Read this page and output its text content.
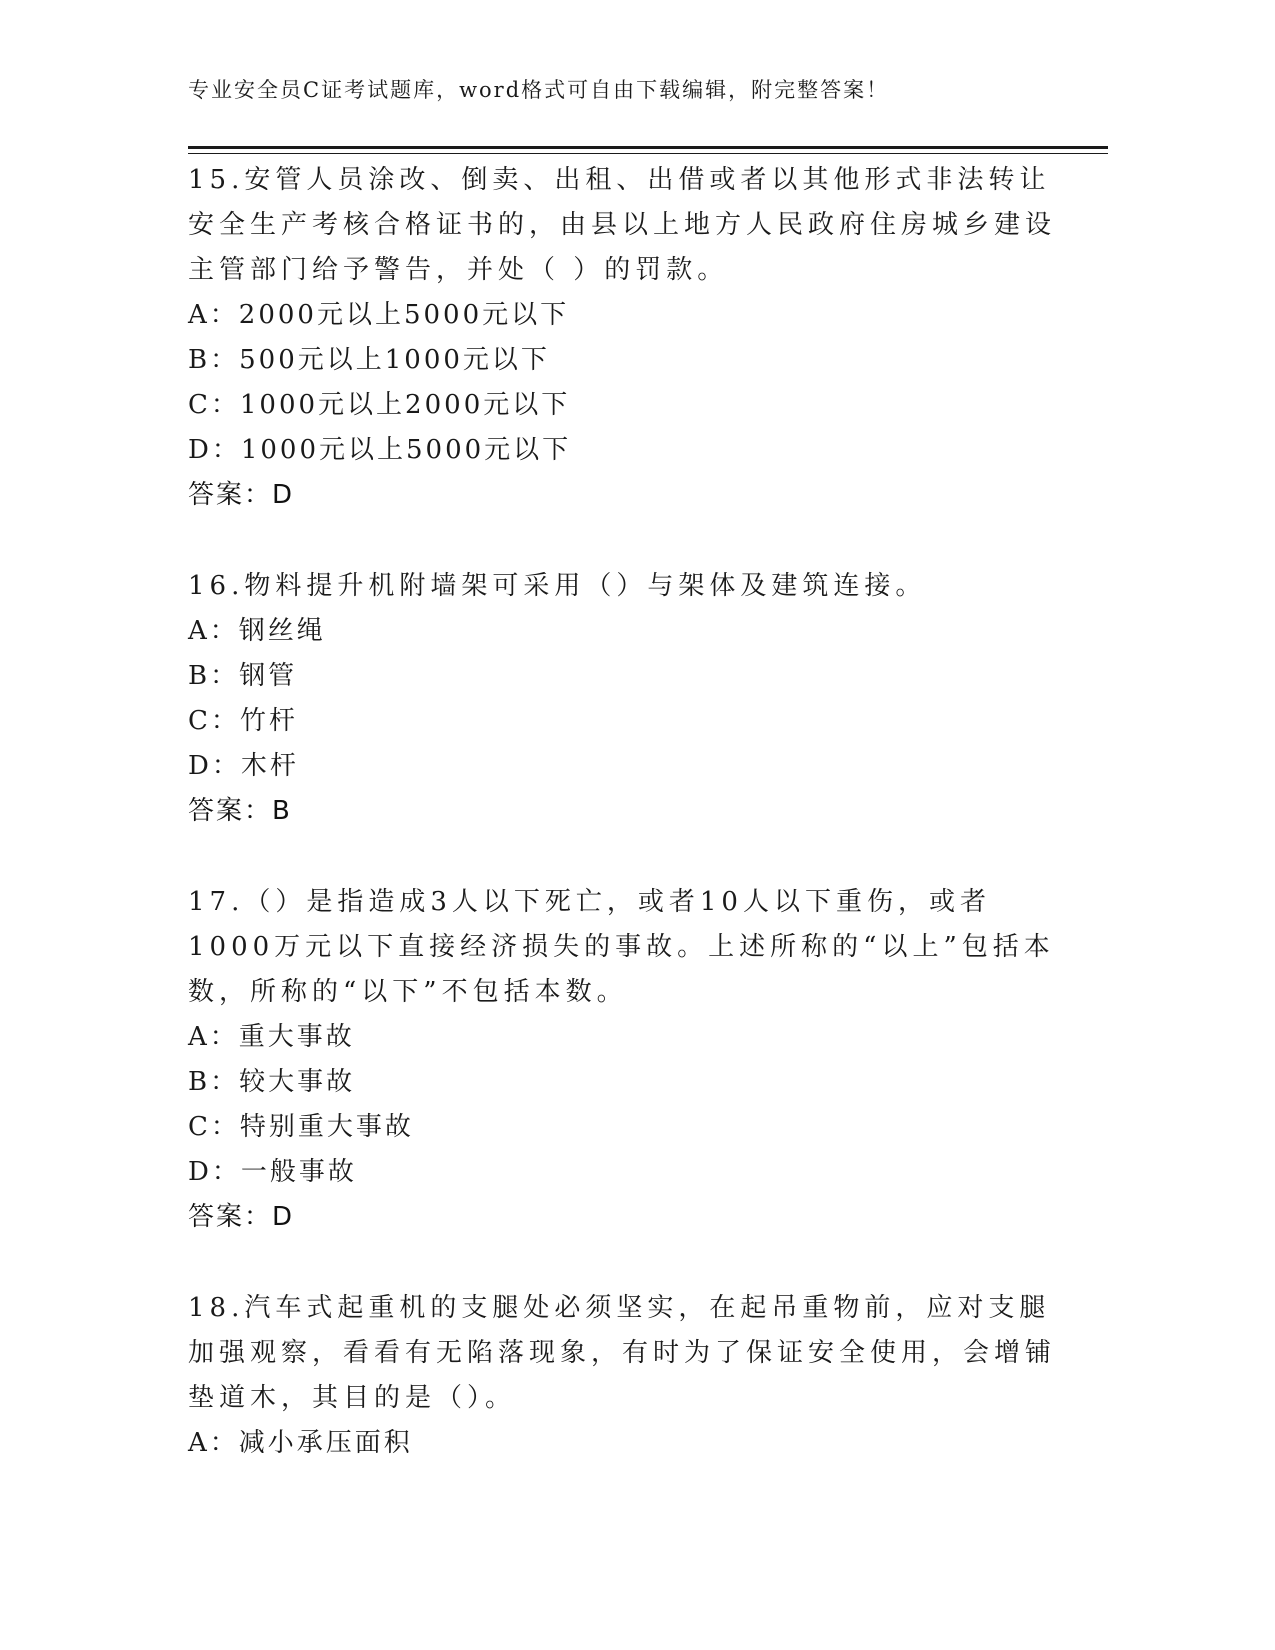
专业安全员C证考试题库，word格式可自由下载编辑，附完整答案！

15.安管人员涂改、倒卖、出租、出借或者以其他形式非法转让安全生产考核合格证书的，由县以上地方人民政府住房城乡建设主管部门给予警告，并处（ ）的罚款。

A：2000元以上5000元以下

B：500元以上1000元以下

C：1000元以上2000元以下

D：1000元以上5000元以下

答案：D

16.物料提升机附墙架可采用（）与架体及建筑连接。

A：钢丝绳

B：钢管

C：竹杆

D：木杆

答案：B

17.（）是指造成3人以下死亡，或者10人以下重伤，或者1000万元以下直接经济损失的事故。上述所称的“以上”包括本数，所称的“以下”不包括本数。

A：重大事故

B：较大事故

C：特别重大事故

D：一般事故

答案：D

18.汽车式起重机的支腿处必须坚实，在起吊重物前，应对支腿加强观察，看看有无陷落现象，有时为了保证安全使用，会增铺垫道木，其目的是（）。

A：减小承压面积
